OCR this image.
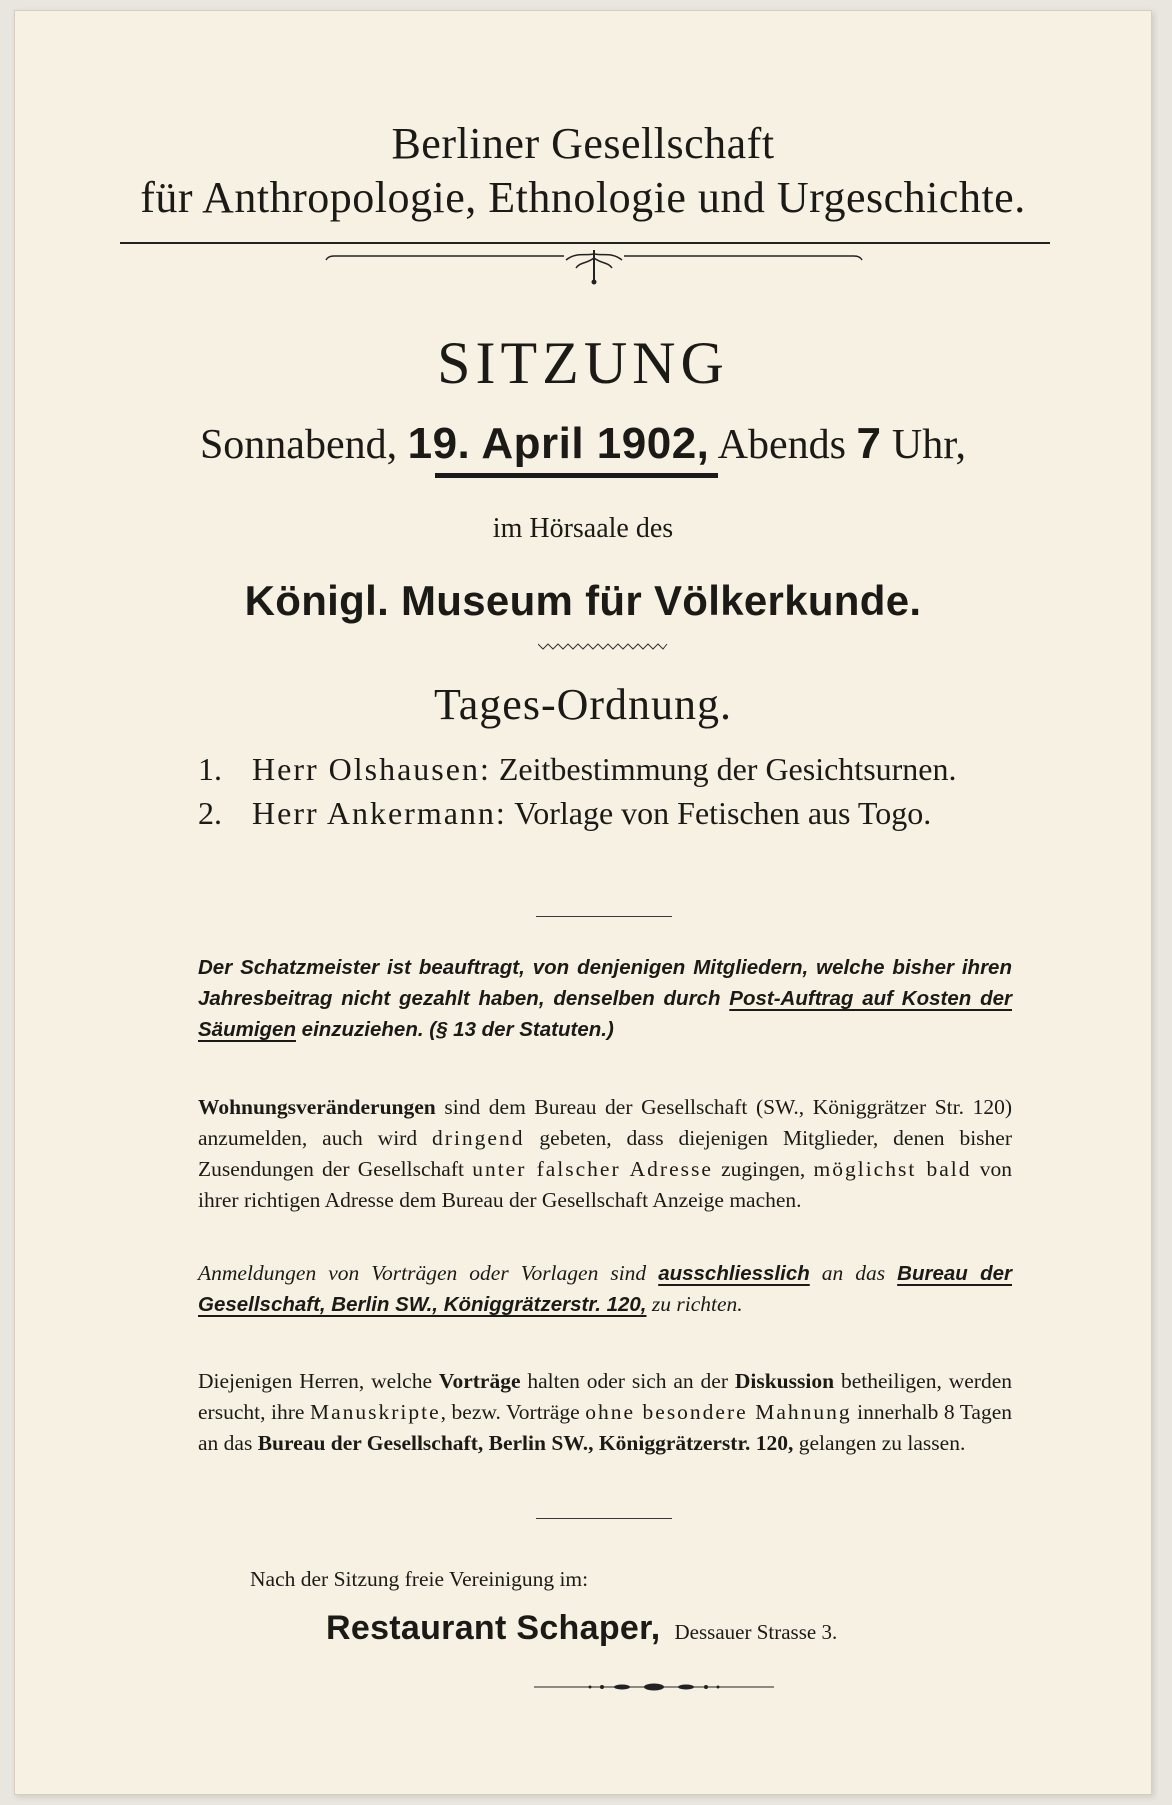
Berliner Gesellschaft
für Anthropologie, Ethnologie und Urgeschichte.
SITZUNG
Sonnabend, 19. April 1902, Abends 7 Uhr,
im Hörsaale des
Königl. Museum für Völkerkunde.
Tages-Ordnung.
1. Herr Olshausen: Zeitbestimmung der Gesichtsurnen.
2. Herr Ankermann: Vorlage von Fetischen aus Togo.
Der Schatzmeister ist beauftragt, von denjenigen Mitgliedern, welche bisher ihren Jahresbeitrag nicht gezahlt haben, denselben durch Post-Auftrag auf Kosten der Säumigen einzuziehen. (§ 13 der Statuten.)
Wohnungsveränderungen sind dem Bureau der Gesellschaft (SW., Königgrätzer Str. 120) anzumelden, auch wird dringend gebeten, dass diejenigen Mitglieder, denen bisher Zusendungen der Gesellschaft unter falscher Adresse zugingen, möglichst bald von ihrer richtigen Adresse dem Bureau der Gesellschaft Anzeige machen.
Anmeldungen von Vorträgen oder Vorlagen sind ausschliesslich an das Bureau der Gesellschaft, Berlin SW., Königgrätzerstr. 120, zu richten.
Diejenigen Herren, welche Vorträge halten oder sich an der Diskussion betheiligen, werden ersucht, ihre Manuskripte, bezw. Vorträge ohne besondere Mahnung innerhalb 8 Tagen an das Bureau der Gesellschaft, Berlin SW., Königgrätzerstr. 120, gelangen zu lassen.
Nach der Sitzung freie Vereinigung im:
Restaurant Schaper, Dessauer Strasse 3.
